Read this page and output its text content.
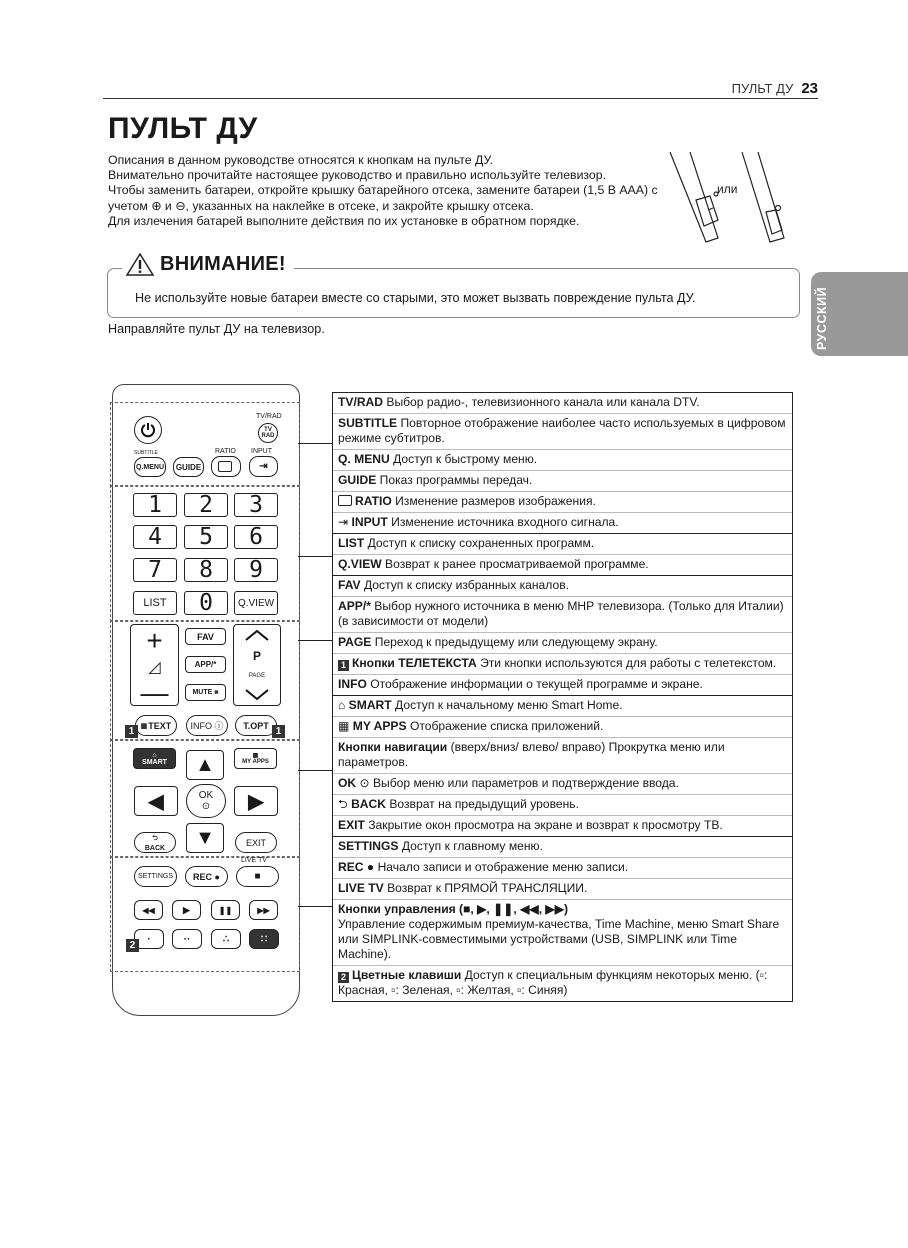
ПУЛЬТ ДУ 23
ПУЛЬТ ДУ

Описания в данном руководстве относятся к кнопкам на пульте ДУ.

Внимательно прочитайте настоящее руководство и правильно используйте телевизор.

Чтобы заменить батареи, откройте крышку батарейного отсека, замените батареи (1,5 В AAA) с учетом ⊕ и ⊖, указанных на наклейке в отсеке, и закройте крышку отсека.

Для излечения батарей выполните действия по их установке в обратном порядке.

или
ВНИМАНИЕ!
Не используйте новые батареи вместе со старыми, это может вызвать повреждение пульта ДУ.
Направляйте пульт ДУ на телевизор.	РУССКИЙ
TV RAD
TV/RAD
SUBTITLE	RATIO INPUT
Q.MENU	GUIDE	⇥
1	2	3
4	5	6
7	8	9
LIST	0	Q.VIEW
+
◿
—
FAV
APP/*
MUTE ⨳
P
PAGE
▦ TEXT	INFO ⓘ	T.OPT
1	1
⌂
SMART
▦
MY APPS
▲
◀	OK
⊙ ▶
▼
⮌
BACK
EXIT
LIVE TV
SETTINGS	REC ●	■
◀◀	▶	❚❚	▶▶
·	··	∴	∷
2
TV/RAD Выбор радио-, телевизионного канала или канала DTV.
SUBTITLE Повторное отображение наиболее часто используемых в цифровом режиме субтитров.
Q. MENU Доступ к быстрому меню.
GUIDE Показ программы передач.
RATIO Изменение размеров изображения.
⇥ INPUT Изменение источника входного сигнала.
LIST Доступ к списку сохраненных программ.
Q.VIEW Возврат к ранее просматриваемой программе.
FAV Доступ к списку избранных каналов.
APP/* Выбор нужного источника в меню MHP телевизора. (Только для Италии) (в зависимости от модели)
PAGE Переход к предыдущему или следующему экрану.
1 Кнопки ТЕЛЕТЕКСТА Эти кнопки используются для работы с телетекстом.
INFO Отображение информации о текущей программе и экране.
⌂ SMART Доступ к начальному меню Smart Home.
▦ MY APPS Отображение списка приложений.
Кнопки навигации (вверх/вниз/ влево/ вправо) Прокрутка меню или параметров.
OK ⊙ Выбор меню или параметров и подтверждение ввода.
⮌ BACK Возврат на предыдущий уровень.
EXIT Закрытие окон просмотра на экране и возврат к просмотру ТВ.
SETTINGS Доступ к главному меню.
REC ● Начало записи и отображение меню записи.
LIVE TV Возврат к ПРЯМОЙ ТРАНСЛЯЦИИ.
Кнопки управления (■, ▶, ❚❚, ◀◀, ▶▶)
Управление содержимым премиум-качества, Time Machine, меню Smart Share или SIMPLINK-совместимыми устройствами (USB, SIMPLINK или Time Machine).
2 Цветные клавиши Доступ к специальным функциям некоторых меню. (▫: Красная, ▫: Зеленая, ▫: Желтая, ▫: Синяя)
